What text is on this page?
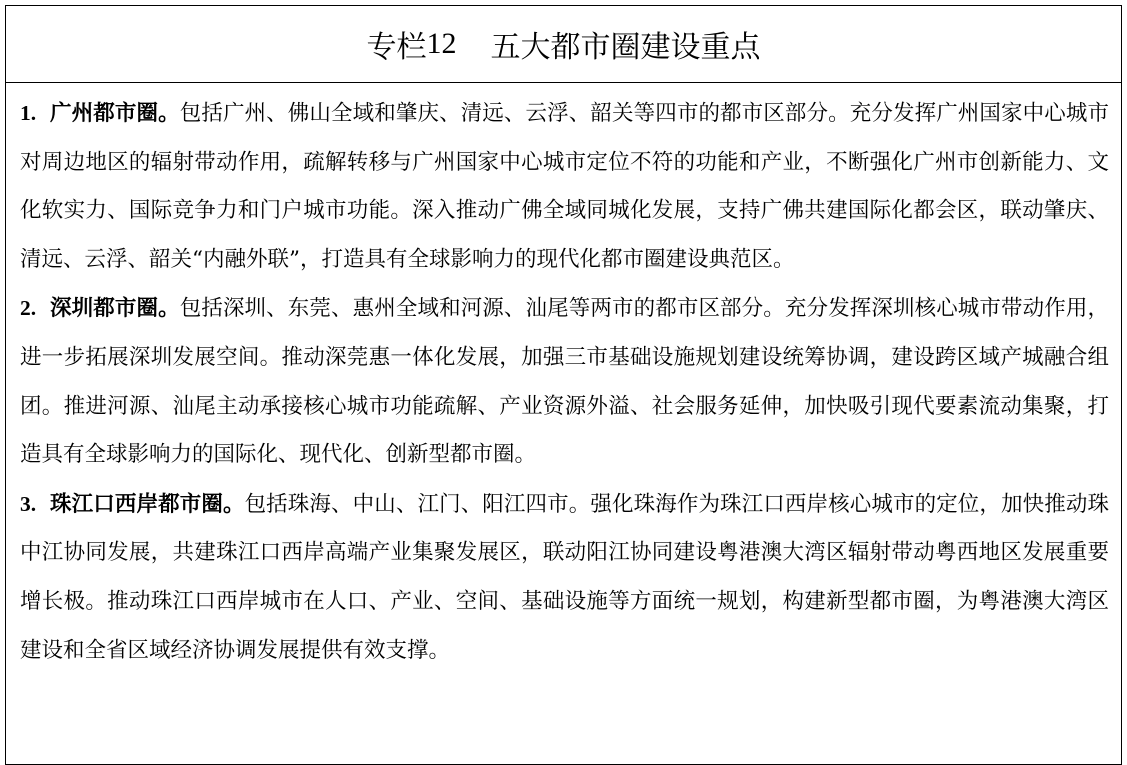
专栏 12 五大都市圈建设重点

1. 广州都市圈。包括广州、佛山全域和肇庆、清远、云浮、韶关等四市的都市区部分。充分发挥广州国家中心城市对周边地区的辐射带动作用，疏解转移与广州国家中心城市定位不符的功能和产业，不断强化广州市创新能力、文化软实力、国际竞争力和门户城市功能。深入推动广佛全域同城化发展，支持广佛共建国际化都会区，联动肇庆、清远、云浮、韶关“内融外联”，打造具有全球影响力的现代化都市圈建设典范区。

2. 深圳都市圈。包括深圳、东莞、惠州全域和河源、汕尾等两市的都市区部分。充分发挥深圳核心城市带动作用，进一步拓展深圳发展空间。推动深莞惠一体化发展，加强三市基础设施规划建设统筹协调，建设跨区域产城融合组团。推进河源、汕尾主动承接核心城市功能疏解、产业资源外溢、社会服务延伸，加快吸引现代要素流动集聚，打造具有全球影响力的国际化、现代化、创新型都市圈。

3. 珠江口西岸都市圈。包括珠海、中山、江门、阳江四市。强化珠海作为珠江口西岸核心城市的定位，加快推动珠中江协同发展，共建珠江口西岸高端产业集聚发展区，联动阳江协同建设粤港澳大湾区辐射带动粤西地区发展重要增长极。推动珠江口西岸城市在人口、产业、空间、基础设施等方面统一规划，构建新型都市圈，为粤港澳大湾区建设和全省区域经济协调发展提供有效支撑。
